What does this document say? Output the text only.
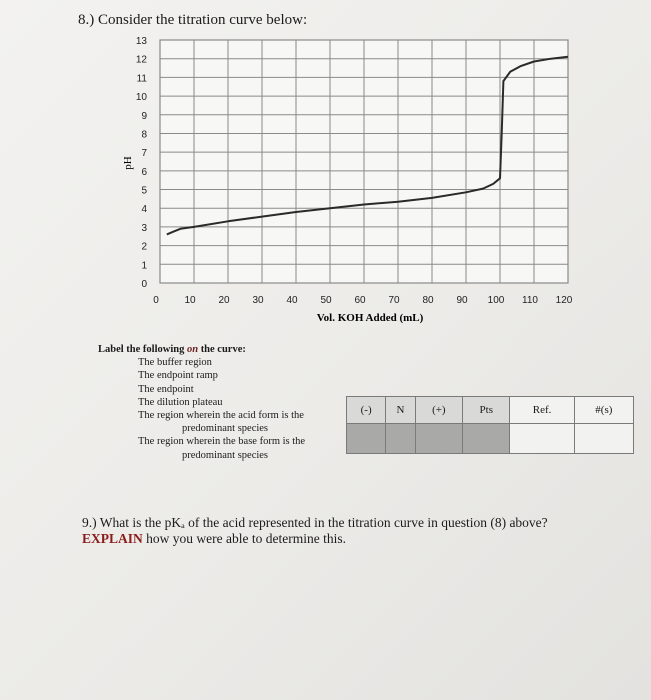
8.) Consider the titration curve below:
0
1
2
3
4
5
6
7
8
9
10
11
12
13
0	10 20 30 40 50 60 70 80 90 100 110 120
pH
Vol. KOH Added (mL)
Label the following on the curve:
The buffer region
The endpoint ramp
The endpoint
The dilution plateau
The region wherein the acid form is the
predominant species
The region wherein the base form is the
predominant species
(-)	N	(+)	Pts	Ref.	#(s)

9.) What is the pKₐ of the acid represented in the titration curve in question (8) above?
EXPLAIN how you were able to determine this.
